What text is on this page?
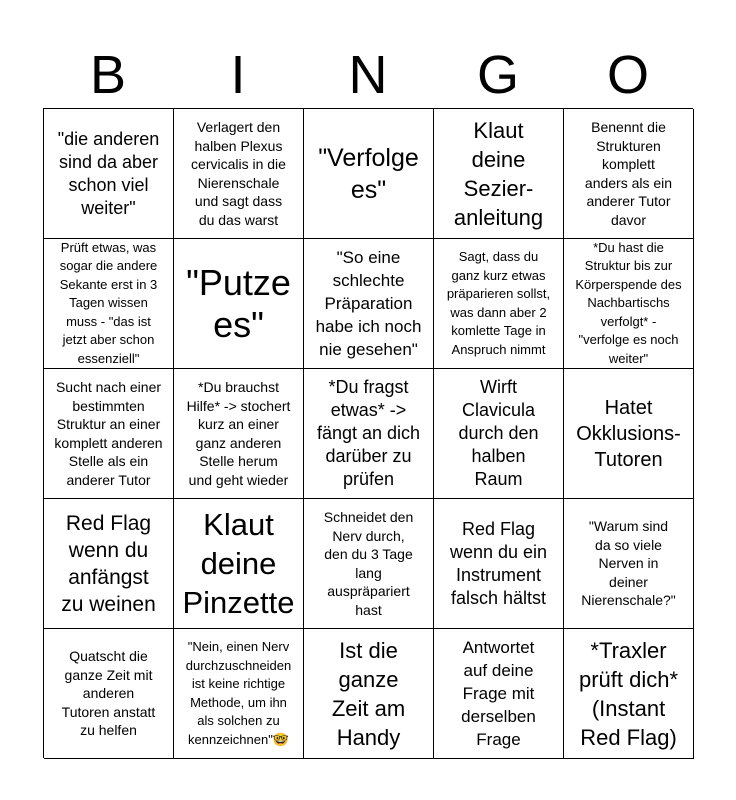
B	I	N	G	O
"die anderen
sind da aber
schon viel
weiter"
Verlagert den
halben Plexus
cervicalis in die
Nierenschale
und sagt dass
du das warst
"Verfolge
es"
Klaut
deine
Sezier-
anleitung
Benennt die
Strukturen
komplett
anders als ein
anderer Tutor
davor
Prüft etwas, was
sogar die andere
Sekante erst in 3
Tagen wissen
muss - "das ist
jetzt aber schon
essenziell"
"Putze
es"
"So eine
schlechte
Präparation
habe ich noch
nie gesehen"
Sagt, dass du
ganz kurz etwas
präparieren sollst,
was dann aber 2
komlette Tage in
Anspruch nimmt
*Du hast die
Struktur bis zur
Körperspende des
Nachbartischs
verfolgt* -
"verfolge es noch
weiter"
Sucht nach einer
bestimmten
Struktur an einer
komplett anderen
Stelle als ein
anderer Tutor
*Du brauchst
Hilfe* -> stochert
kurz an einer
ganz anderen
Stelle herum
und geht wieder
*Du fragst
etwas* ->
fängt an dich
darüber zu
prüfen
Wirft
Clavicula
durch den
halben
Raum
Hatet
Okklusions-
Tutoren
Red Flag
wenn du
anfängst
zu weinen
Klaut
deine
Pinzette
Schneidet den
Nerv durch,
den du 3 Tage
lang
auspräpariert
hast
Red Flag
wenn du ein
Instrument
falsch hältst
"Warum sind
da so viele
Nerven in
deiner
Nierenschale?"
Quatscht die
ganze Zeit mit
anderen
Tutoren anstatt
zu helfen
"Nein, einen Nerv
durchzuschneiden
ist keine richtige
Methode, um ihn
als solchen zu
kennzeichnen"🤓
Ist die
ganze
Zeit am
Handy
Antwortet
auf deine
Frage mit
derselben
Frage
*Traxler
prüft dich*
(Instant
Red Flag)
